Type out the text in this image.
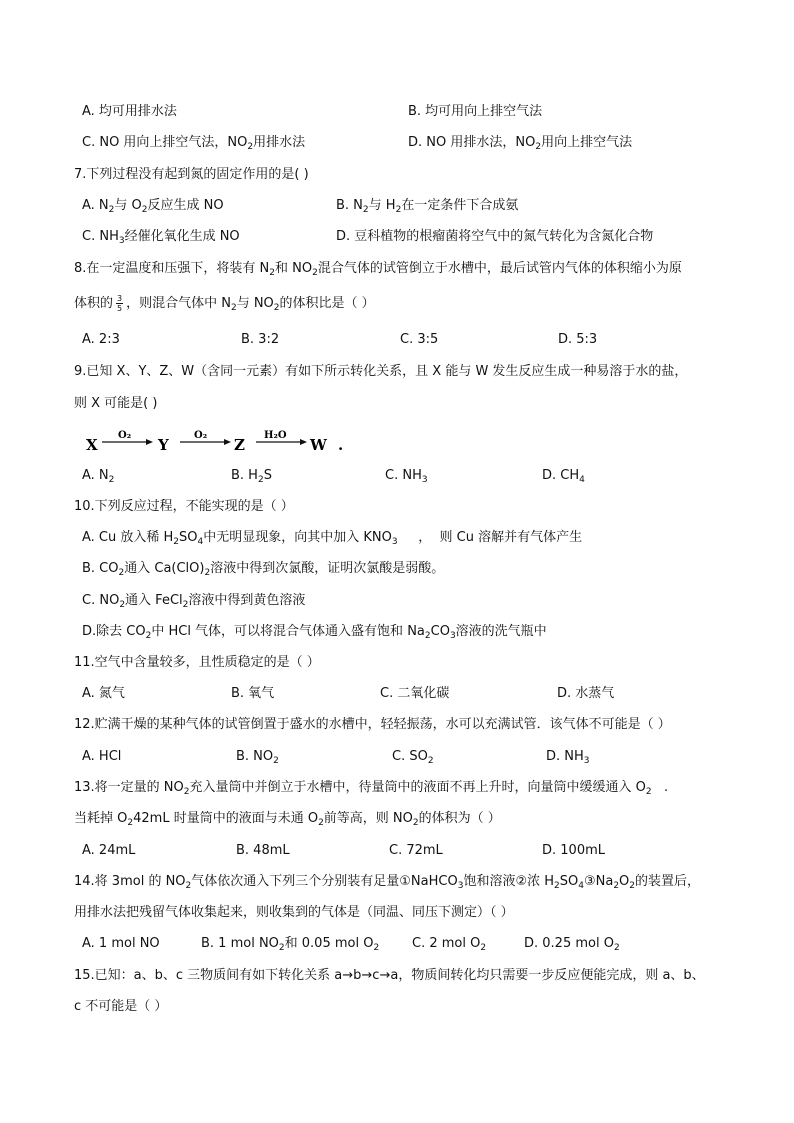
A. 均可用排水法	B. 均可用向上排空气法
C. NO 用向上排空气法，$NO_2$用排水法	D. NO 用排水法，$NO_2$用向上排空气法
7.下列过程没有起到氮的固定作用的是( )
A. $N_2$与 $O_2$反应生成 NO	B. $N_2$与 $H_2$在一定条件下合成氨
C. $NH_3$经催化氧化生成 NO	D. 豆科植物的根瘤菌将空气中的氮气转化为含氮化合物
8.在一定温度和压强下，将装有 $N_2$和 $NO_2$混合气体的试管倒立于水槽中，最后试管内气体的体积缩小为原
体积的 $\frac{3}{5}$ ，则混合气体中 $N_2$与 $NO_2$的体积比是（ ）
A. 2:3	B. 3:2	C. 3:5	D. 5:3
9.已知 X、Y、Z、W（含同一元素）有如下所示转化关系，且 X 能与 W 发生反应生成一种易溶于水的盐，
则 X 可能是( )
X
O₂
Y
O₂
Z
H₂O
W .
A. $N_2$	B. $H_2S$	C. $NH_3$	D. $CH_4$
10.下列反应过程，不能实现的是（ ）
A. Cu 放入稀 $H_2SO_4$中无明显现象，向其中加入 $KNO_3$     ，  则 Cu 溶解并有气体产生
B. $CO_2$通入 $Ca(ClO)_2$溶液中得到次氯酸，证明次氯酸是弱酸。
C. $NO_2$通入 FeCl$_2$溶液中得到黄色溶液
D.除去 $CO_2$中 HCl 气体，可以将混合气体通入盛有饱和 $Na_2CO_3$溶液的洗气瓶中
11.空气中含量较多，且性质稳定的是（ ）
A. 氮气	B. 氧气	C. 二氧化碳	D. 水蒸气
12.贮满干燥的某种气体的试管倒置于盛水的水槽中，轻轻振荡，水可以充满试管．该气体不可能是（ ）
A. HCl	B. $NO_2$	C. $SO_2$	D. $NH_3$
13.将一定量的 $NO_2$充入量筒中并倒立于水槽中，待量筒中的液面不再上升时，向量筒中缓缓通入 $O_2$   .
当耗掉 $O_242mL$ 时量筒中的液面与未通 $O_2$前等高，则 $NO_2$的体积为（ ）
A. 24mL	B. 48mL	C. 72mL	D. 100mL
14.将 3mol 的 $NO_2$气体依次通入下列三个分别装有足量①NaHCO$_3$饱和溶液②浓 $H_2SO_4③Na_2O_2$的装置后，
用排水法把残留气体收集起来，则收集到的气体是（同温、同压下测定）（ ）
A. 1 mol NO	B. 1 mol $NO_2$和 0.05 mol $O_2$	C. 2 mol $O_2$	D. 0.25 mol $O_2$
15.已知：a、b、c 三物质间有如下转化关系 a→b→c→a，物质间转化均只需要一步反应便能完成，则 a、b、
c 不可能是（ ）
